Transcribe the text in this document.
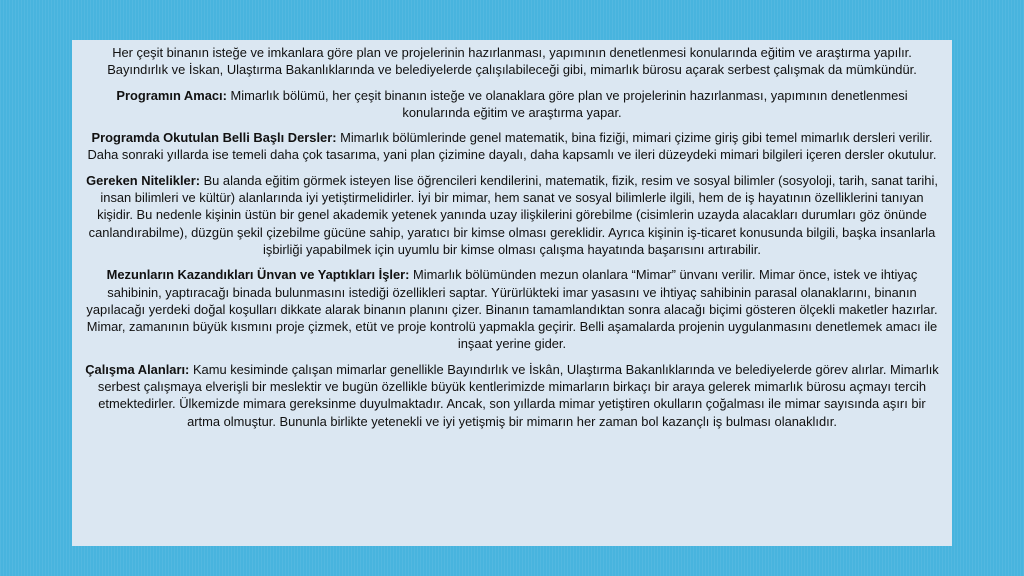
Her çeşit binanın isteğe ve imkanlara göre plan ve projelerinin hazırlanması, yapımının denetlenmesi konularında eğitim ve araştırma yapılır. Bayındırlık ve İskan, Ulaştırma Bakanlıklarında ve belediyelerde çalışılabileceği gibi, mimarlık bürosu açarak serbest çalışmak da mümkündür.

Programın Amacı: Mimarlık bölümü, her çeşit binanın isteğe ve olanaklara göre plan ve projelerinin hazırlanması, yapımının denetlenmesi konularında eğitim ve araştırma yapar.

Programda Okutulan Belli Başlı Dersler: Mimarlık bölümlerinde genel matematik, bina fiziği, mimari çizime giriş gibi temel mimarlık dersleri verilir. Daha sonraki yıllarda ise temeli daha çok tasarıma, yani plan çizimine dayalı, daha kapsamlı ve ileri düzeydeki mimari bilgileri içeren dersler okutulur.

Gereken Nitelikler: Bu alanda eğitim görmek isteyen lise öğrencileri kendilerini, matematik, fizik, resim ve sosyal bilimler (sosyoloji, tarih, sanat tarihi, insan bilimleri ve kültür) alanlarında iyi yetiştirmelidirler. İyi bir mimar, hem sanat ve sosyal bilimlerle ilgili, hem de iş hayatının özelliklerini tanıyan kişidir. Bu nedenle kişinin üstün bir genel akademik yetenek yanında uzay ilişkilerini görebilme (cisimlerin uzayda alacakları durumları göz önünde canlandırabilme), düzgün şekil çizebilme gücüne sahip, yaratıcı bir kimse olması gereklidir. Ayrıca kişinin iş-ticaret konusunda bilgili, başka insanlarla işbirliği yapabilmek için uyumlu bir kimse olması çalışma hayatında başarısını artırabilir.

Mezunların Kazandıkları Ünvan ve Yaptıkları İşler: Mimarlık bölümünden mezun olanlara “Mimar” ünvanı verilir. Mimar önce, istek ve ihtiyaç sahibinin, yaptıracağı binada bulunmasını istediği özellikleri saptar. Yürürlükteki imar yasasını ve ihtiyaç sahibinin parasal olanaklarını, binanın yapılacağı yerdeki doğal koşulları dikkate alarak binanın planını çizer. Binanın tamamlandıktan sonra alacağı biçimi gösteren ölçekli maketler hazırlar. Mimar, zamanının büyük kısmını proje çizmek, etüt ve proje kontrolü yapmakla geçirir. Belli aşamalarda projenin uygulanmasını denetlemek amacı ile inşaat yerine gider.

Çalışma Alanları: Kamu kesiminde çalışan mimarlar genellikle Bayındırlık ve İskân, Ulaştırma Bakanlıklarında ve belediyelerde görev alırlar. Mimarlık serbest çalışmaya elverişli bir meslektir ve bugün özellikle büyük kentlerimizde mimarların birkaçı bir araya gelerek mimarlık bürosu açmayı tercih etmektedirler. Ülkemizde mimara gereksinme duyulmaktadır. Ancak, son yıllarda mimar yetiştiren okulların çoğalması ile mimar sayısında aşırı bir artma olmuştur. Bununla birlikte yetenekli ve iyi yetişmiş bir mimarın her zaman bol kazançlı iş bulması olanaklıdır.
